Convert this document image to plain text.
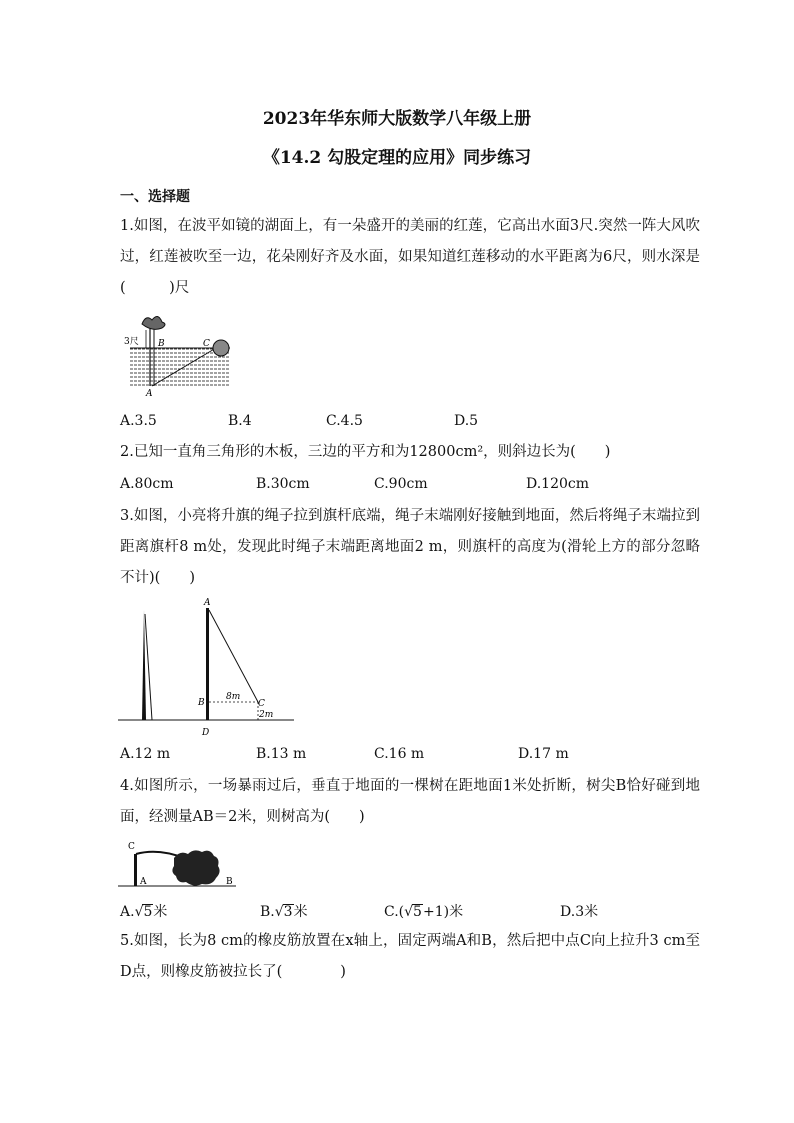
2023年华东师大版数学八年级上册
《14.2 勾股定理的应用》同步练习
一、选择题
1.如图，在波平如镜的湖面上，有一朵盛开的美丽的红莲，它高出水面3尺.突然一阵大风吹过，红莲被吹至一边，花朵刚好齐及水面，如果知道红莲移动的水平距离为6尺，则水深是(　　　)尺
3尺 B	C
A
A.3.5	B.4	C.4.5	D.5
2.已知一直角三角形的木板，三边的平方和为12800cm²，则斜边长为(　　)
A.80cm	B.30cm	C.90cm	D.120cm
3.如图，小亮将升旗的绳子拉到旗杆底端，绳子末端刚好接触到地面，然后将绳子末端拉到距离旗杆8 m处，发现此时绳子末端距离地面2 m，则旗杆的高度为(滑轮上方的部分忽略不计)(　　)
A
B
8m
C
2m
D
A.12 m	B.13 m	C.16 m	D.17 m
4.如图所示，一场暴雨过后，垂直于地面的一棵树在距地面1米处折断，树尖B恰好碰到地面，经测量AB＝2米，则树高为(　　)
C
A	B
A.√5米	B.√3米	C.(√5+1)米	D.3米
5.如图，长为8 cm的橡皮筋放置在x轴上，固定两端A和B，然后把中点C向上拉升3 cm至D点，则橡皮筋被拉长了(　　　　)
